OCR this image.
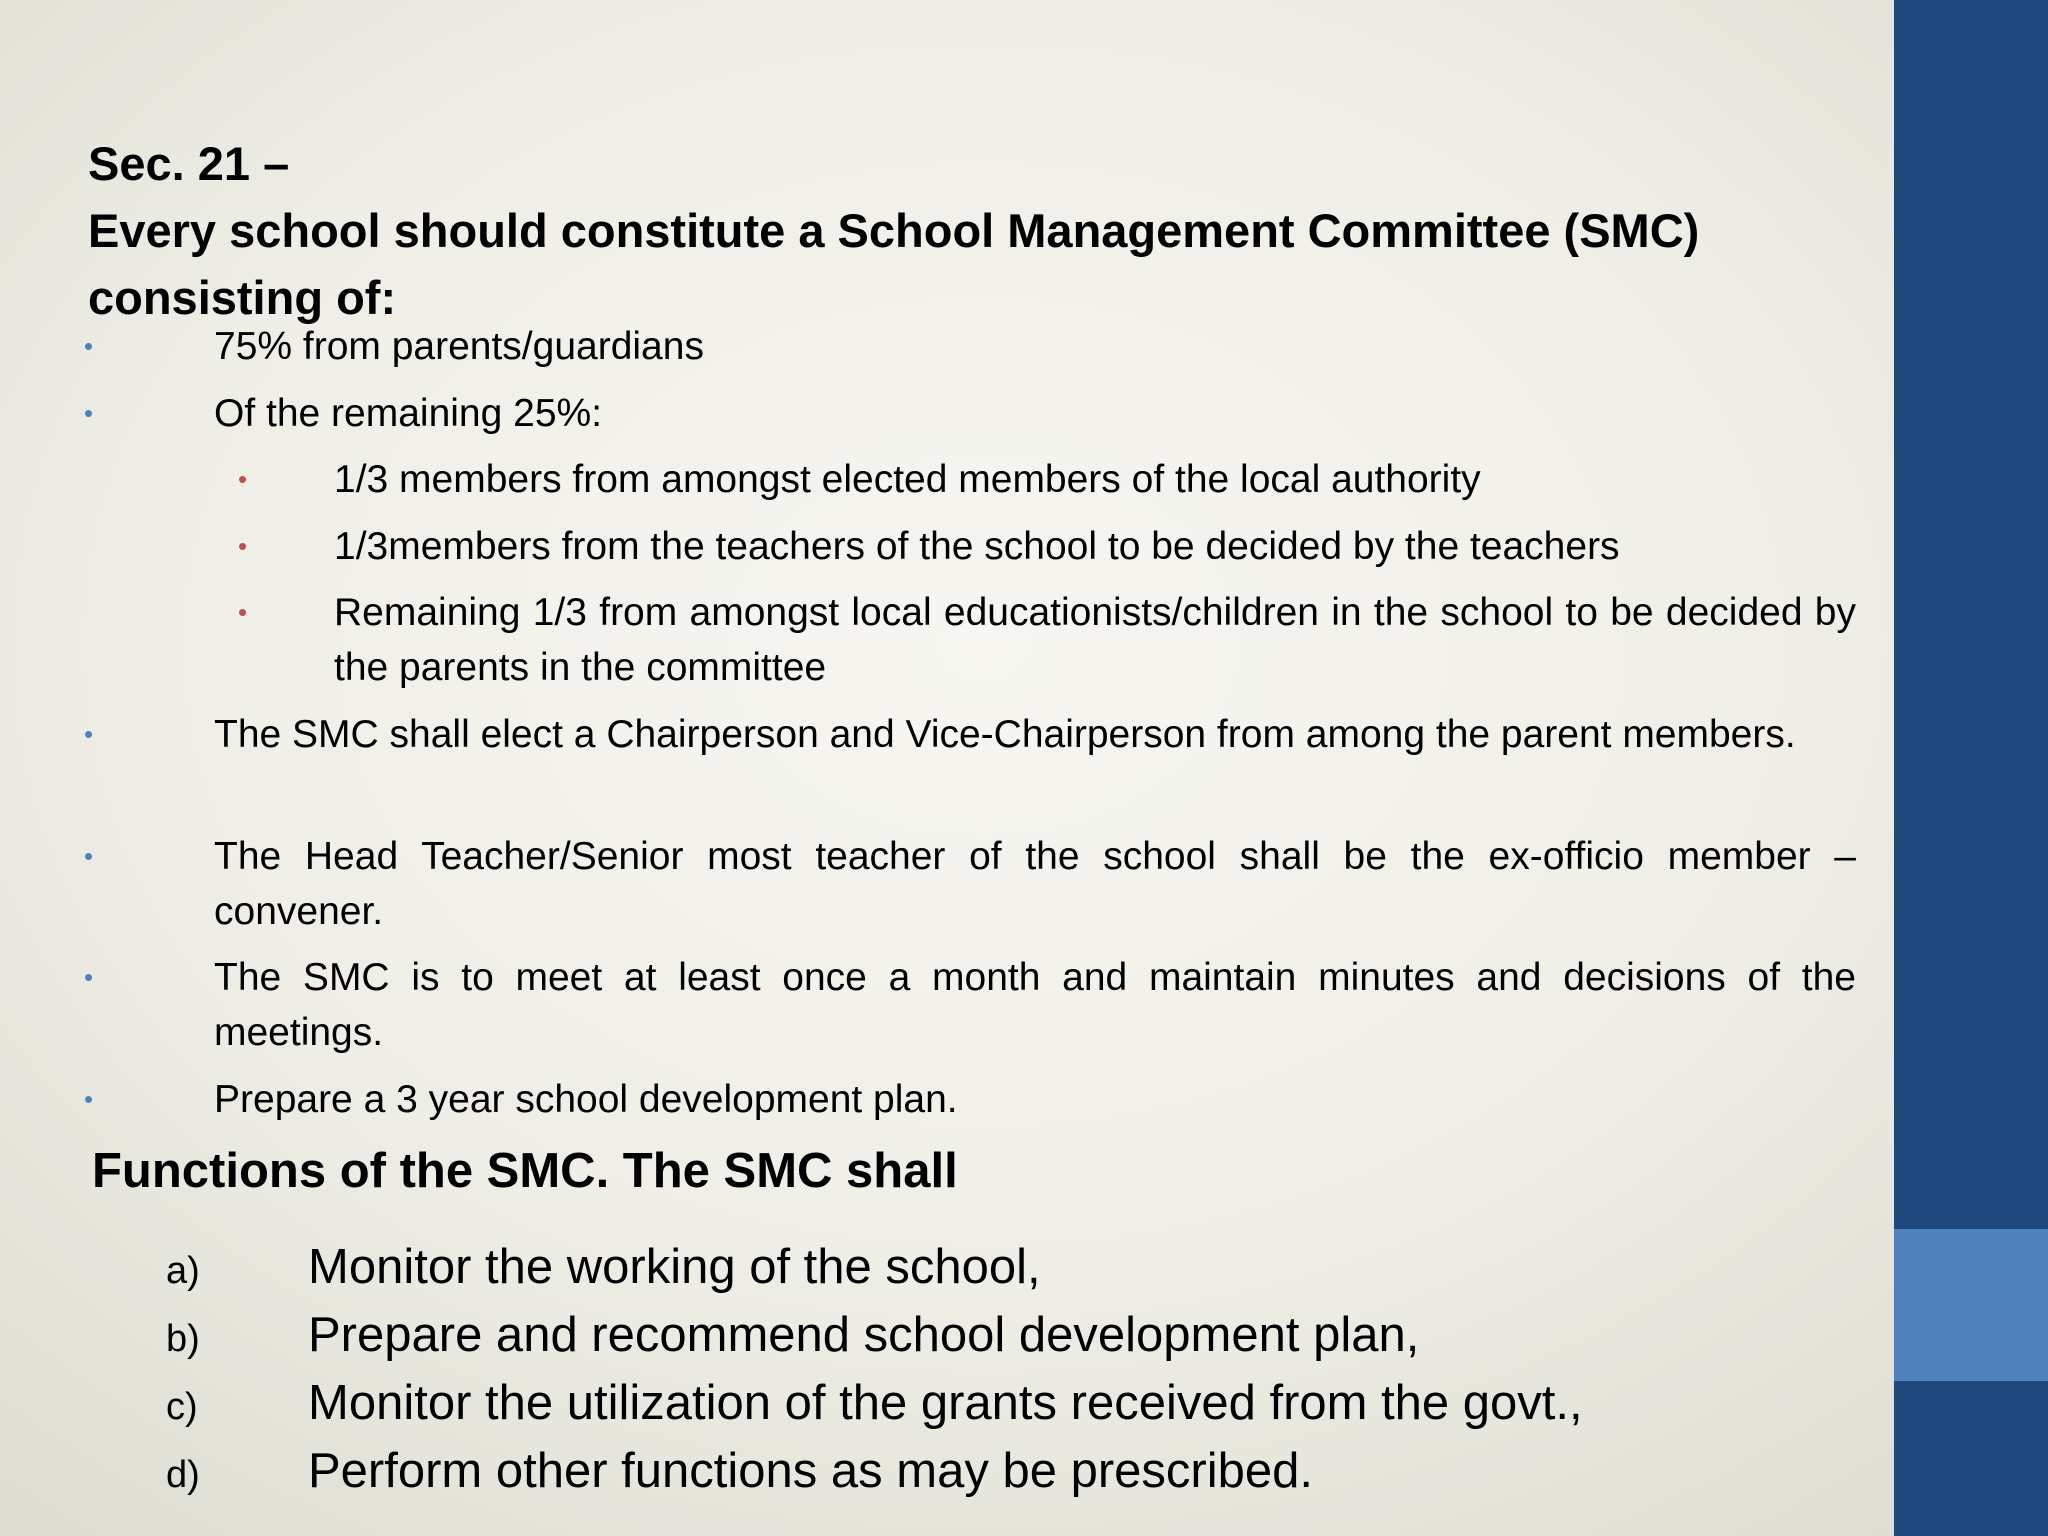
Sec. 21 –
Every school should constitute a School Management Committee (SMC)
consisting of:
•	75% from parents/guardians
•	Of the remaining 25%:
• 1/3 members from amongst elected members of the local authority
• 1/3members from the teachers of the school to be decided by the teachers
• Remaining 1/3 from amongst local educationists/children in the school to be decided by the parents in the committee
•	The SMC shall elect a Chairperson and Vice-Chairperson from among the parent members.
•	The Head Teacher/Senior most teacher of the school shall be the ex-officio member – convener.
•	The SMC is to meet at least once a month and maintain minutes and decisions of the meetings.
•	Prepare a 3 year school development plan.
Functions of the SMC. The SMC shall
a) Monitor the working of the school,
b) Prepare and recommend school development plan,
c) Monitor the utilization of the grants received from the govt.,
d) Perform other functions as may be prescribed.
